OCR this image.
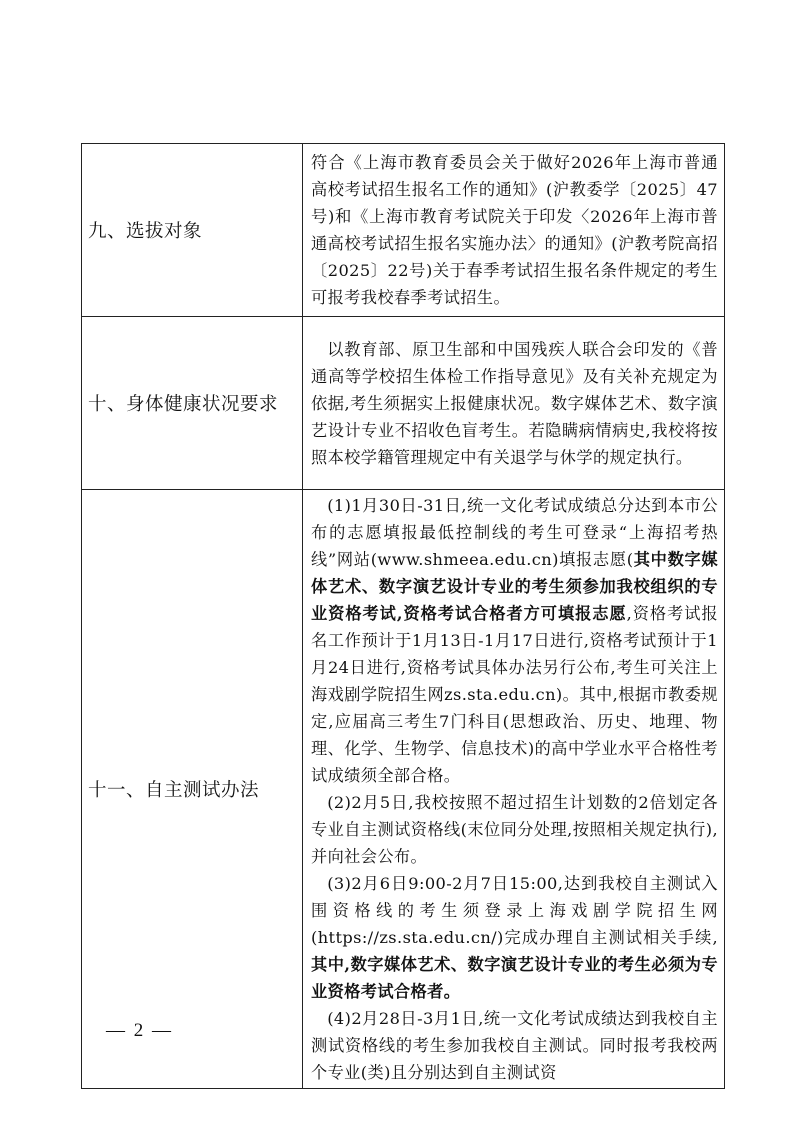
九、选拔对象	符合《上海市教育委员会关于做好2026年上海市普通高校考试招生报名工作的通知》(沪教委学〔2025〕47号)和《上海市教育考试院关于印发〈2026年上海市普通高校考试招生报名实施办法〉的通知》(沪教考院高招〔2025〕22号)关于春季考试招生报名条件规定的考生可报考我校春季考试招生。

十、身体健康状况要求	以教育部、原卫生部和中国残疾人联合会印发的《普通高等学校招生体检工作指导意见》及有关补充规定为依据,考生须据实上报健康状况。数字媒体艺术、数字演艺设计专业不招收色盲考生。若隐瞒病情病史,我校将按照本校学籍管理规定中有关退学与休学的规定执行。

十一、自主测试办法	(1)1月30日-31日,统一文化考试成绩总分达到本市公布的志愿填报最低控制线的考生可登录“上海招考热线”网站(www.shmeea.edu.cn)填报志愿(其中数字媒体艺术、数字演艺设计专业的考生须参加我校组织的专业资格考试,资格考试合格者方可填报志愿,资格考试报名工作预计于1月13日-1月17日进行,资格考试预计于1月24日进行,资格考试具体办法另行公布,考生可关注上海戏剧学院招生网zs.sta.edu.cn)。其中,根据市教委规定,应届高三考生7门科目(思想政治、历史、地理、物理、化学、生物学、信息技术)的高中学业水平合格性考试成绩须全部合格。
(2)2月5日,我校按照不超过招生计划数的2倍划定各专业自主测试资格线(末位同分处理,按照相关规定执行),并向社会公布。
(3)2月6日9:00-2月7日15:00,达到我校自主测试入围资格线的考生须登录上海戏剧学院招生网(https://zs.sta.edu.cn/)完成办理自主测试相关手续,其中,数字媒体艺术、数字演艺设计专业的考生必须为专业资格考试合格者。
(4)2月28日-3月1日,统一文化考试成绩达到我校自主测试资格线的考生参加我校自主测试。同时报考我校两个专业(类)且分别达到自主测试资
— 2 —
